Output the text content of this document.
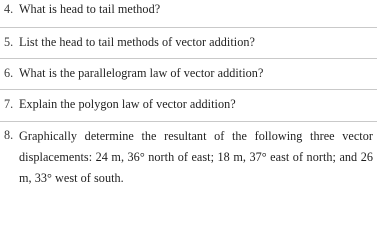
4. What is head to tail method?
5. List the head to tail methods of vector addition?
6. What is the parallelogram law of vector addition?
7. Explain the polygon law of vector addition?
8. Graphically determine the resultant of the following three vector displacements: 24 m, 36° north of east; 18 m, 37° east of north; and 26 m, 33° west of south.
